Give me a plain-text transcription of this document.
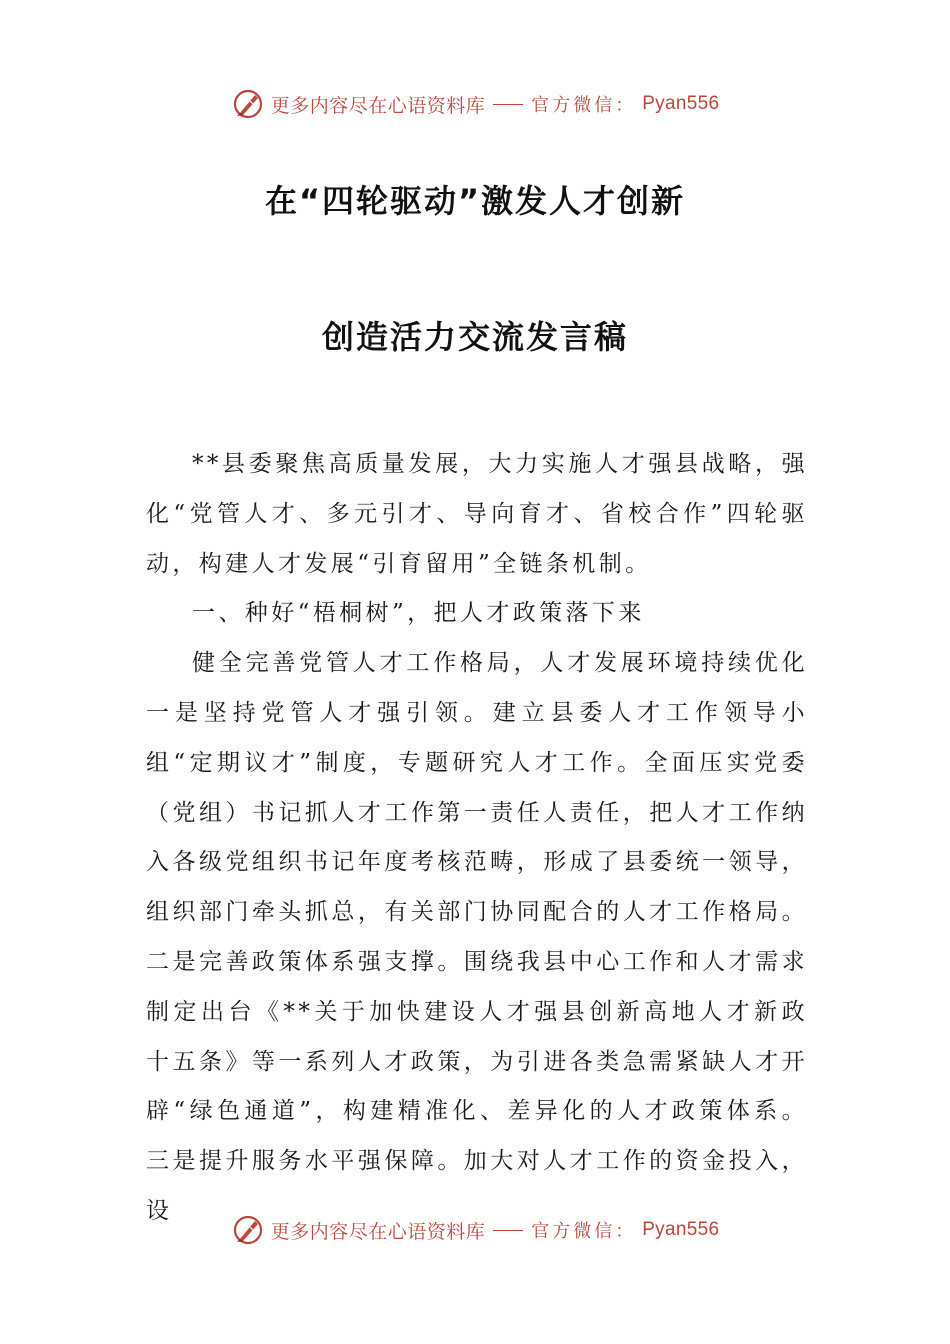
更多内容尽在心语资料库	官方微信： Pyan556
在“四轮驱动”激发人才创新
创造活力交流发言稿

**县委聚焦高质量发展，大力实施人才强县战略，强化“党管人才、多元引才、导向育才、省校合作”四轮驱动，构建人才发展“引育留用”全链条机制。

一、种好“梧桐树”，把人才政策落下来

健全完善党管人才工作格局，人才发展环境持续优化一是坚持党管人才强引领。建立县委人才工作领导小组“定期议才”制度，专题研究人才工作。全面压实党委（党组）书记抓人才工作第一责任人责任，把人才工作纳入各级党组织书记年度考核范畴，形成了县委统一领导，组织部门牵头抓总，有关部门协同配合的人才工作格局。二是完善政策体系强支撑。围绕我县中心工作和人才需求制定出台《**关于加快建设人才强县创新高地人才新政十五条》等一系列人才政策，为引进各类急需紧缺人才开辟“绿色通道”，构建精准化、差异化的人才政策体系。三是提升服务水平强保障。加大对人才工作的资金投入，设

更多内容尽在心语资料库	官方微信： Pyan556
